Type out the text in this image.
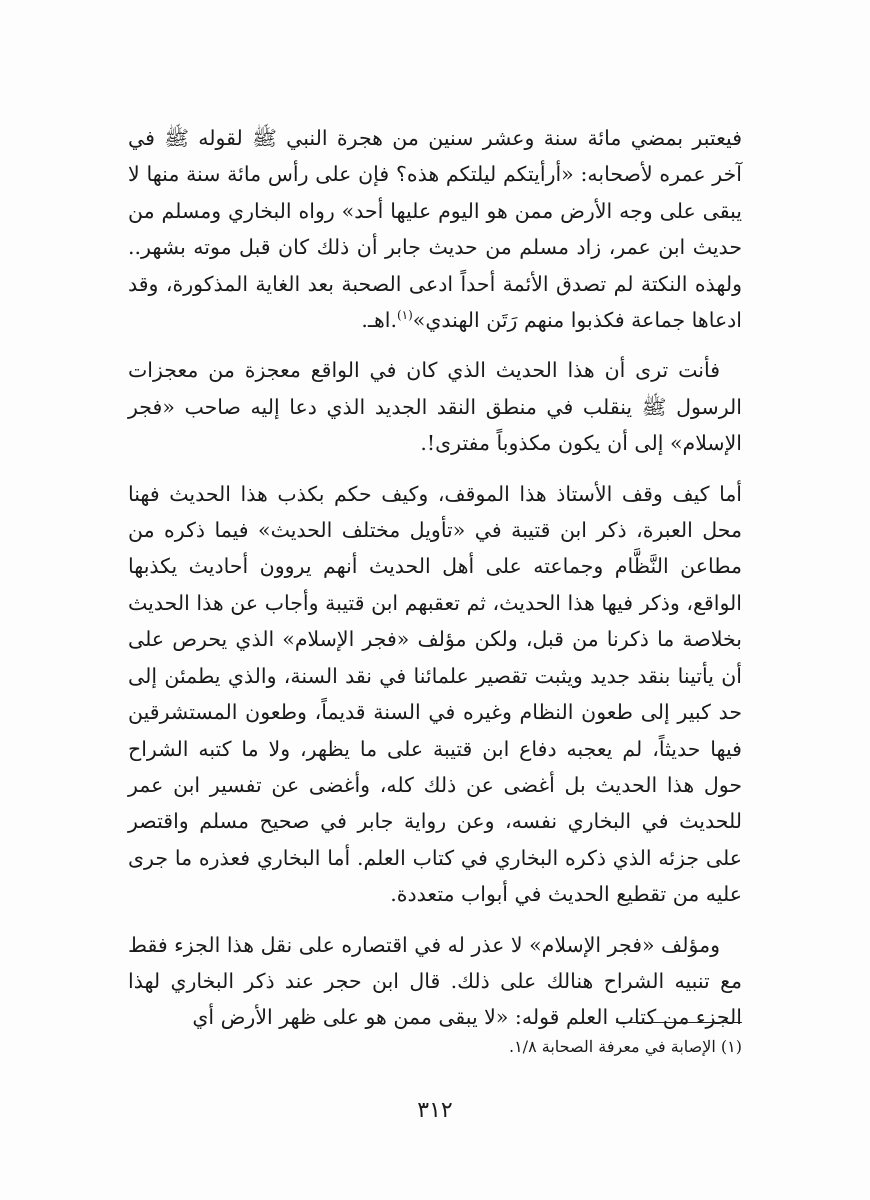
فيعتبر بمضي مائة سنة وعشر سنين من هجرة النبي ﷺ لقوله ﷺ في آخر عمره لأصحابه: «أرأيتكم ليلتكم هذه؟ فإن على رأس مائة سنة منها لا يبقى على وجه الأرض ممن هو اليوم عليها أحد» رواه البخاري ومسلم من حديث ابن عمر، زاد مسلم من حديث جابر أن ذلك كان قبل موته بشهر.. ولهذه النكتة لم تصدق الأئمة أحداً ادعى الصحبة بعد الغاية المذكورة، وقد ادعاها جماعة فكذبوا منهم رَتَن الهندي»$^{(١)}$.اهـ.

فأنت ترى أن هذا الحديث الذي كان في الواقع معجزة من معجزات الرسول ﷺ ينقلب في منطق النقد الجديد الذي دعا إليه صاحب «فجر الإسلام» إلى أن يكون مكذوباً مفترى!.

أما كيف وقف الأستاذ هذا الموقف، وكيف حكم بكذب هذا الحديث فهنا محل العبرة، ذكر ابن قتيبة في «تأويل مختلف الحديث» فيما ذكره من مطاعن النَّظَّام وجماعته على أهل الحديث أنهم يروون أحاديث يكذبها الواقع، وذكر فيها هذا الحديث، ثم تعقبهم ابن قتيبة وأجاب عن هذا الحديث بخلاصة ما ذكرنا من قبل، ولكن مؤلف «فجر الإسلام» الذي يحرص على أن يأتينا بنقد جديد ويثبت تقصير علمائنا في نقد السنة، والذي يطمئن إلى حد كبير إلى طعون النظام وغيره في السنة قديماً، وطعون المستشرقين فيها حديثاً، لم يعجبه دفاع ابن قتيبة على ما يظهر، ولا ما كتبه الشراح حول هذا الحديث بل أغضى عن ذلك كله، وأغضى عن تفسير ابن عمر للحديث في البخاري نفسه، وعن رواية جابر في صحيح مسلم واقتصر على جزئه الذي ذكره البخاري في كتاب العلم. أما البخاري فعذره ما جرى عليه من تقطيع الحديث في أبواب متعددة.

ومؤلف «فجر الإسلام» لا عذر له في اقتصاره على نقل هذا الجزء فقط مع تنبيه الشراح هنالك على ذلك. قال ابن حجر عند ذكر البخاري لهذا الجزء من كتاب العلم قوله: «لا يبقى ممن هو على ظهر الأرض أي

(١) الإصابة في معرفة الصحابة ١/٨.
٣١٢
